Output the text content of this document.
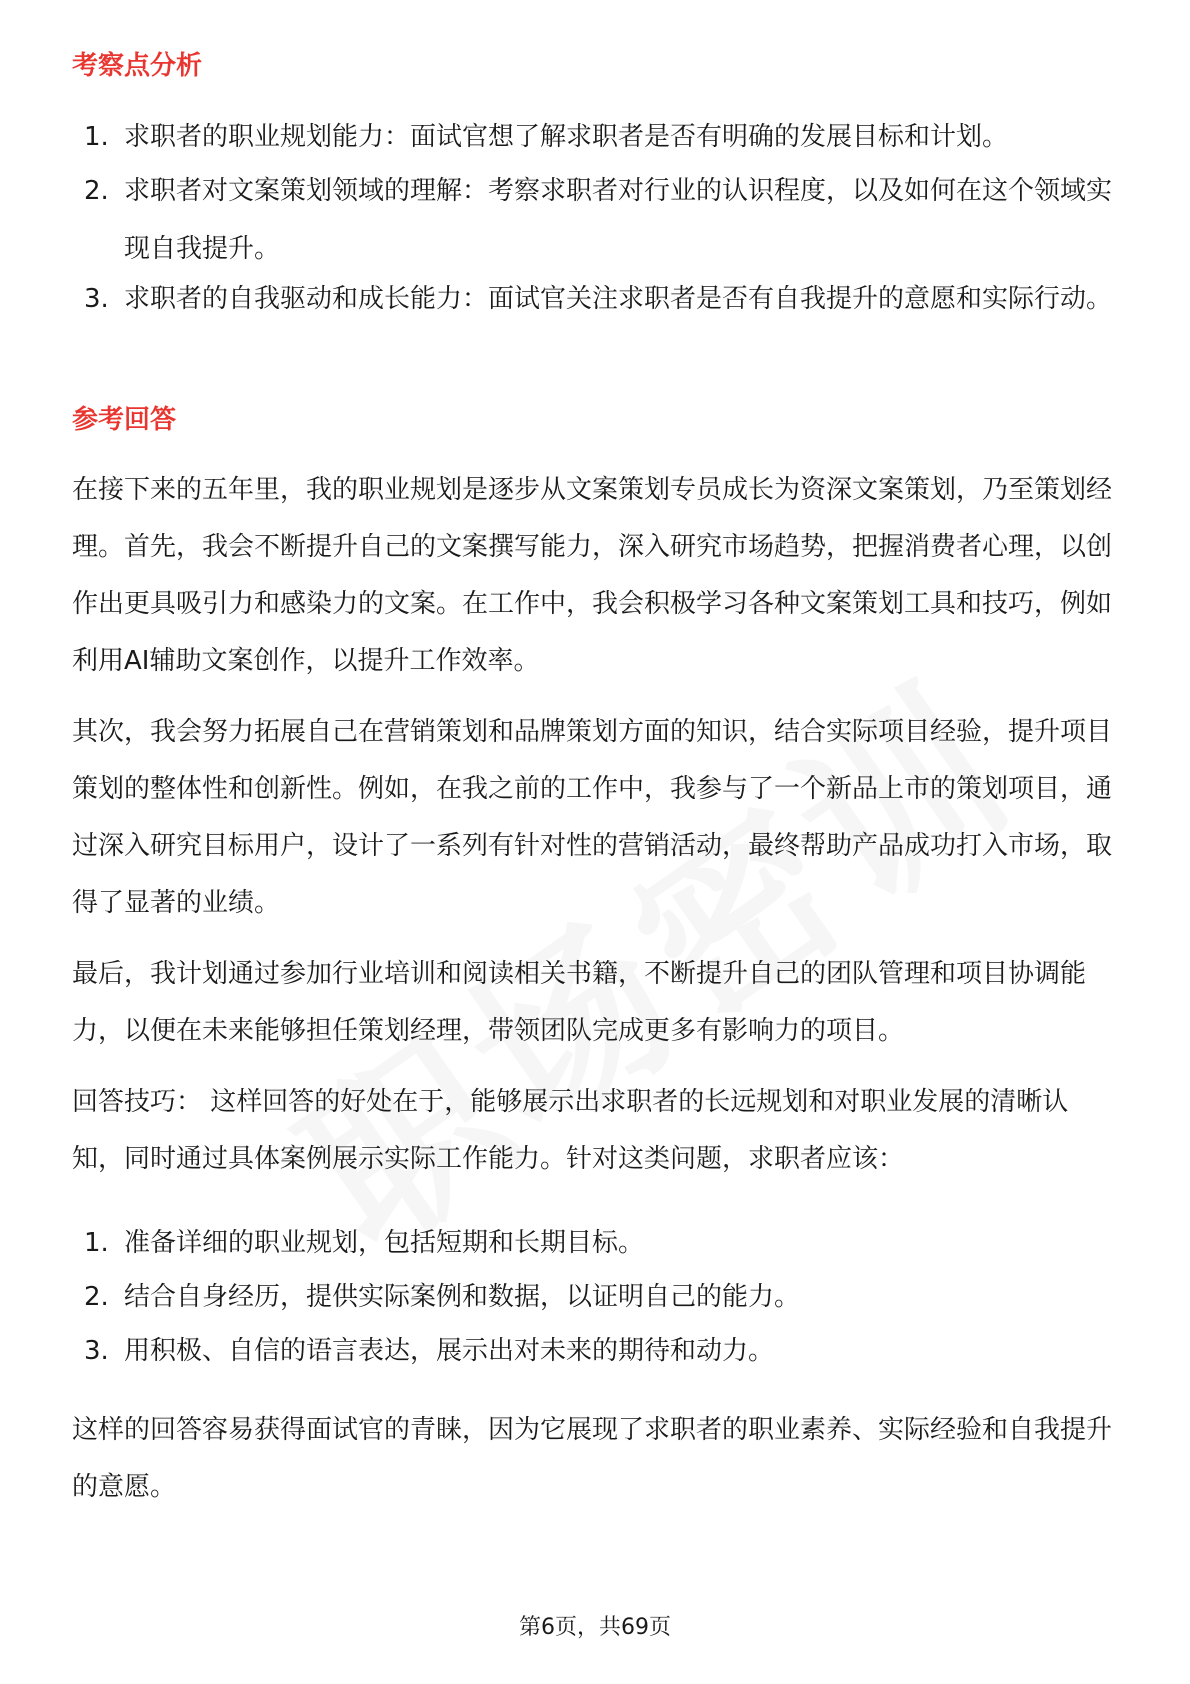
考察点分析
1. 求职者的职业规划能力：面试官想了解求职者是否有明确的发展目标和计划。
2. 求职者对文案策划领域的理解：考察求职者对行业的认识程度，以及如何在这个领域实现自我提升。
3. 求职者的自我驱动和成长能力：面试官关注求职者是否有自我提升的意愿和实际行动。
参考回答
在接下来的五年里，我的职业规划是逐步从文案策划专员成长为资深文案策划，乃至策划经理。首先，我会不断提升自己的文案撰写能力，深入研究市场趋势，把握消费者心理，以创作出更具吸引力和感染力的文案。在工作中，我会积极学习各种文案策划工具和技巧，例如利用AI辅助文案创作，以提升工作效率。
其次，我会努力拓展自己在营销策划和品牌策划方面的知识，结合实际项目经验，提升项目策划的整体性和创新性。例如，在我之前的工作中，我参与了一个新品上市的策划项目，通过深入研究目标用户，设计了一系列有针对性的营销活动，最终帮助产品成功打入市场，取得了显著的业绩。
最后，我计划通过参加行业培训和阅读相关书籍，不断提升自己的团队管理和项目协调能力，以便在未来能够担任策划经理，带领团队完成更多有影响力的项目。
回答技巧： 这样回答的好处在于，能够展示出求职者的长远规划和对职业发展的清晰认知，同时通过具体案例展示实际工作能力。针对这类问题，求职者应该：
1. 准备详细的职业规划，包括短期和长期目标。
2. 结合自身经历，提供实际案例和数据，以证明自己的能力。
3. 用积极、自信的语言表达，展示出对未来的期待和动力。
这样的回答容易获得面试官的青睐，因为它展现了求职者的职业素养、实际经验和自我提升的意愿。
第6页，共69页
